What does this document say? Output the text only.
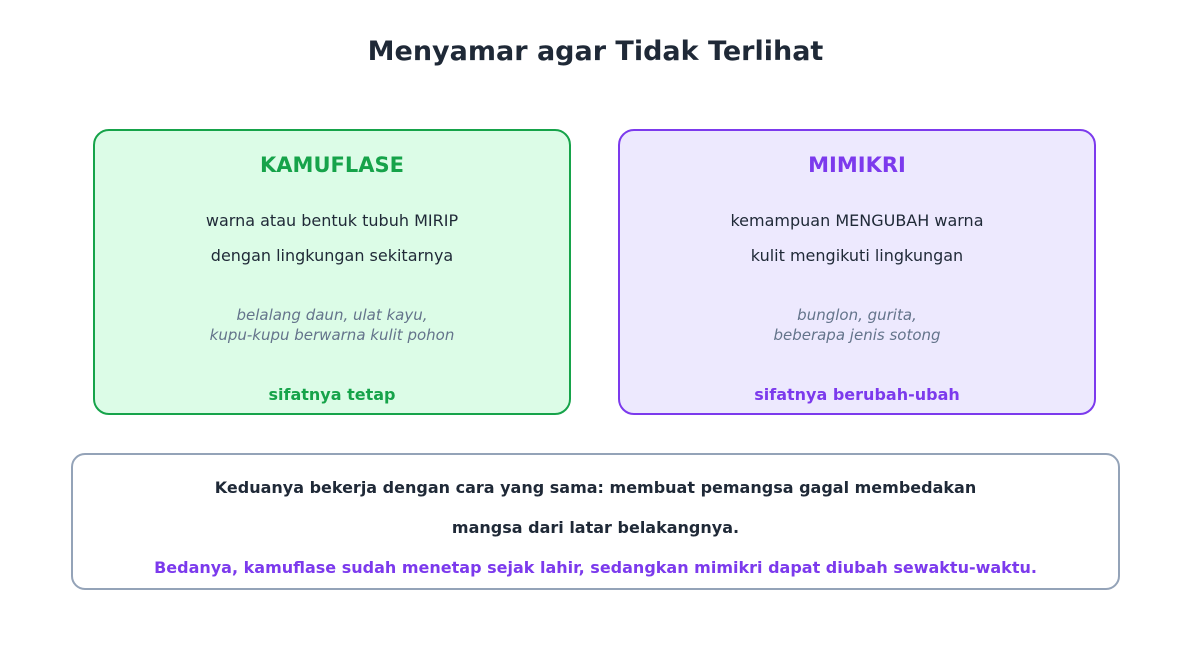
Menyamar agar Tidak Terlihat
KAMUFLASE
warna atau bentuk tubuh MIRIP
dengan lingkungan sekitarnya
belalang daun, ulat kayu,
kupu-kupu berwarna kulit pohon
sifatnya tetap
MIMIKRI
kemampuan MENGUBAH warna
kulit mengikuti lingkungan
bunglon, gurita,
beberapa jenis sotong
sifatnya berubah-ubah
Keduanya bekerja dengan cara yang sama: membuat pemangsa gagal membedakan
mangsa dari latar belakangnya.
Bedanya, kamuflase sudah menetap sejak lahir, sedangkan mimikri dapat diubah sewaktu-waktu.
